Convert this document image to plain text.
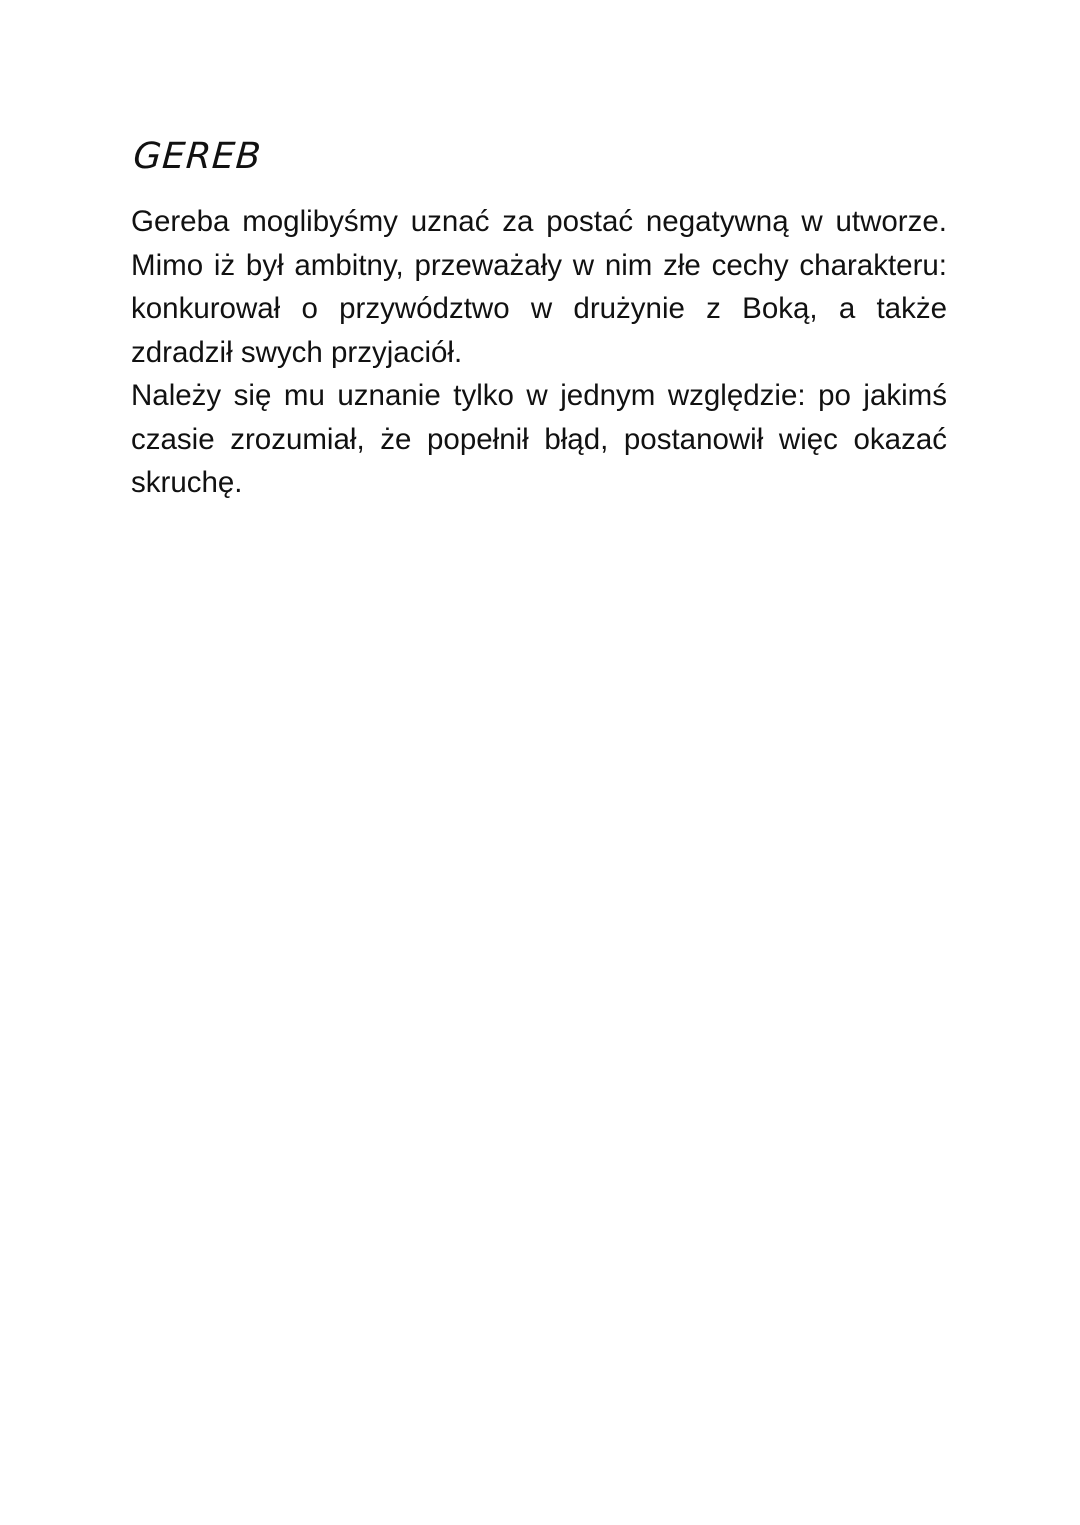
GEREB

Gereba moglibyśmy uznać za postać negatywną w utworze. Mimo iż był ambitny, przeważały w nim złe cechy charakteru: konkurował o przywództwo w drużynie z Boką, a także zdradził swych przyjaciół.

Należy się mu uznanie tylko w jednym względzie: po jakimś czasie zrozumiał, że popełnił błąd, postanowił więc okazać skruchę.
